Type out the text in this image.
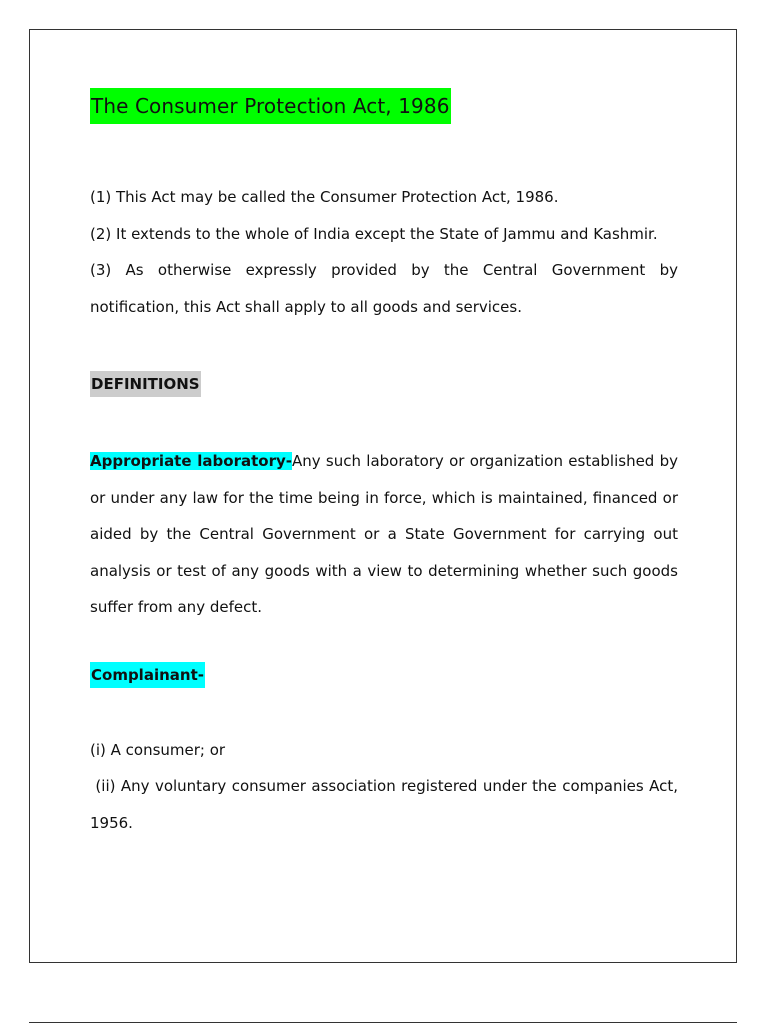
The Consumer Protection Act, 1986

(1) This Act may be called the Consumer Protection Act, 1986.

(2) It extends to the whole of India except the State of Jammu and Kashmir.

(3) As otherwise expressly provided by the Central Government by notification, this Act shall apply to all goods and services.

DEFINITIONS

Appropriate laboratory-Any such laboratory or organization established by or under any law for the time being in force, which is maintained, financed or aided by the Central Government or a State Government for carrying out analysis or test of any goods with a view to determining whether such goods suffer from any defect.

Complainant-

(i) A consumer; or

(ii) Any voluntary consumer association registered under the companies Act, 1956.
